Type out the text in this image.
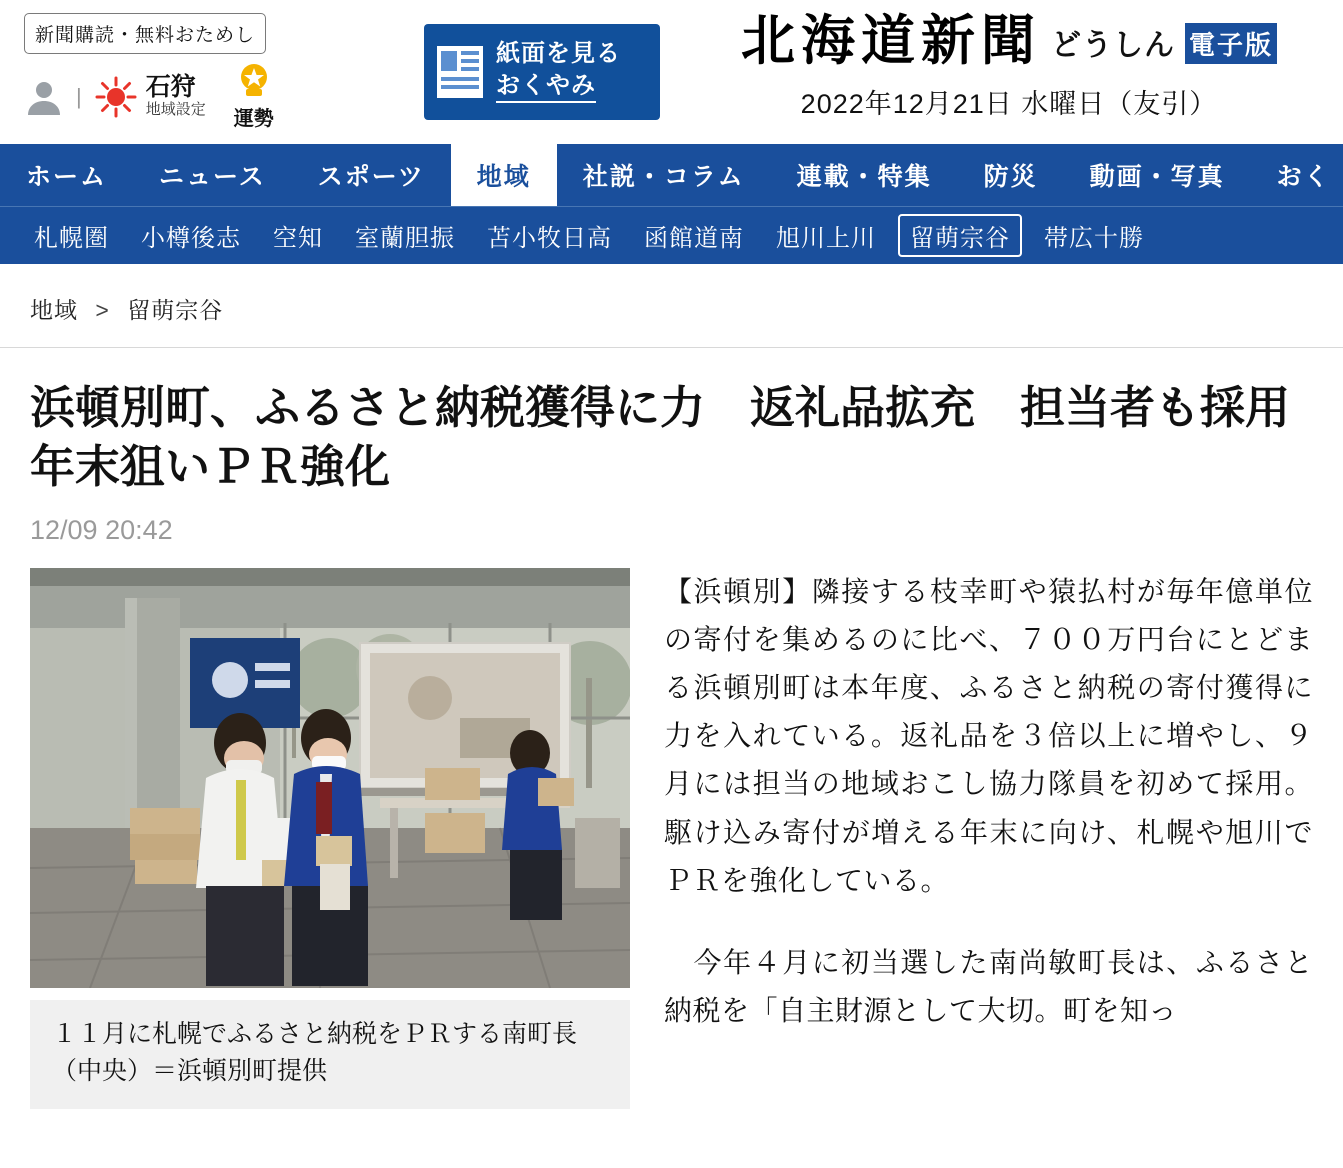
新聞購読・無料おためし
|	石狩
地域設定 運勢
紙面を見る
おくやみ
北海道新聞 どうしん 電子版
2022年12月21日 水曜日（友引）
ホーム	ニュース	スポーツ	地域	社説・コラム	連載・特集	防災	動画・写真	おく
札幌圏	小樽後志	空知	室蘭胆振	苫小牧日高	函館道南	旭川上川	留萌宗谷	帯広十勝
地域 > 留萌宗谷
浜頓別町、ふるさと納税獲得に力　返礼品拡充　担当者も採用　年末狙いＰＲ強化
12/09 20:42
１１月に札幌でふるさと納税をＰＲする南町長（中央）＝浜頓別町提供

【浜頓別】隣接する枝幸町や猿払村が毎年億単位の寄付を集めるのに比べ、７００万円台にとどまる浜頓別町は本年度、ふるさと納税の寄付獲得に力を入れている。返礼品を３倍以上に増やし、９月には担当の地域おこし協力隊員を初めて採用。駆け込み寄付が増える年末に向け、札幌や旭川でＰＲを強化している。

　今年４月に初当選した南尚敏町長は、ふるさと納税を「自主財源として大切。町を知っ
